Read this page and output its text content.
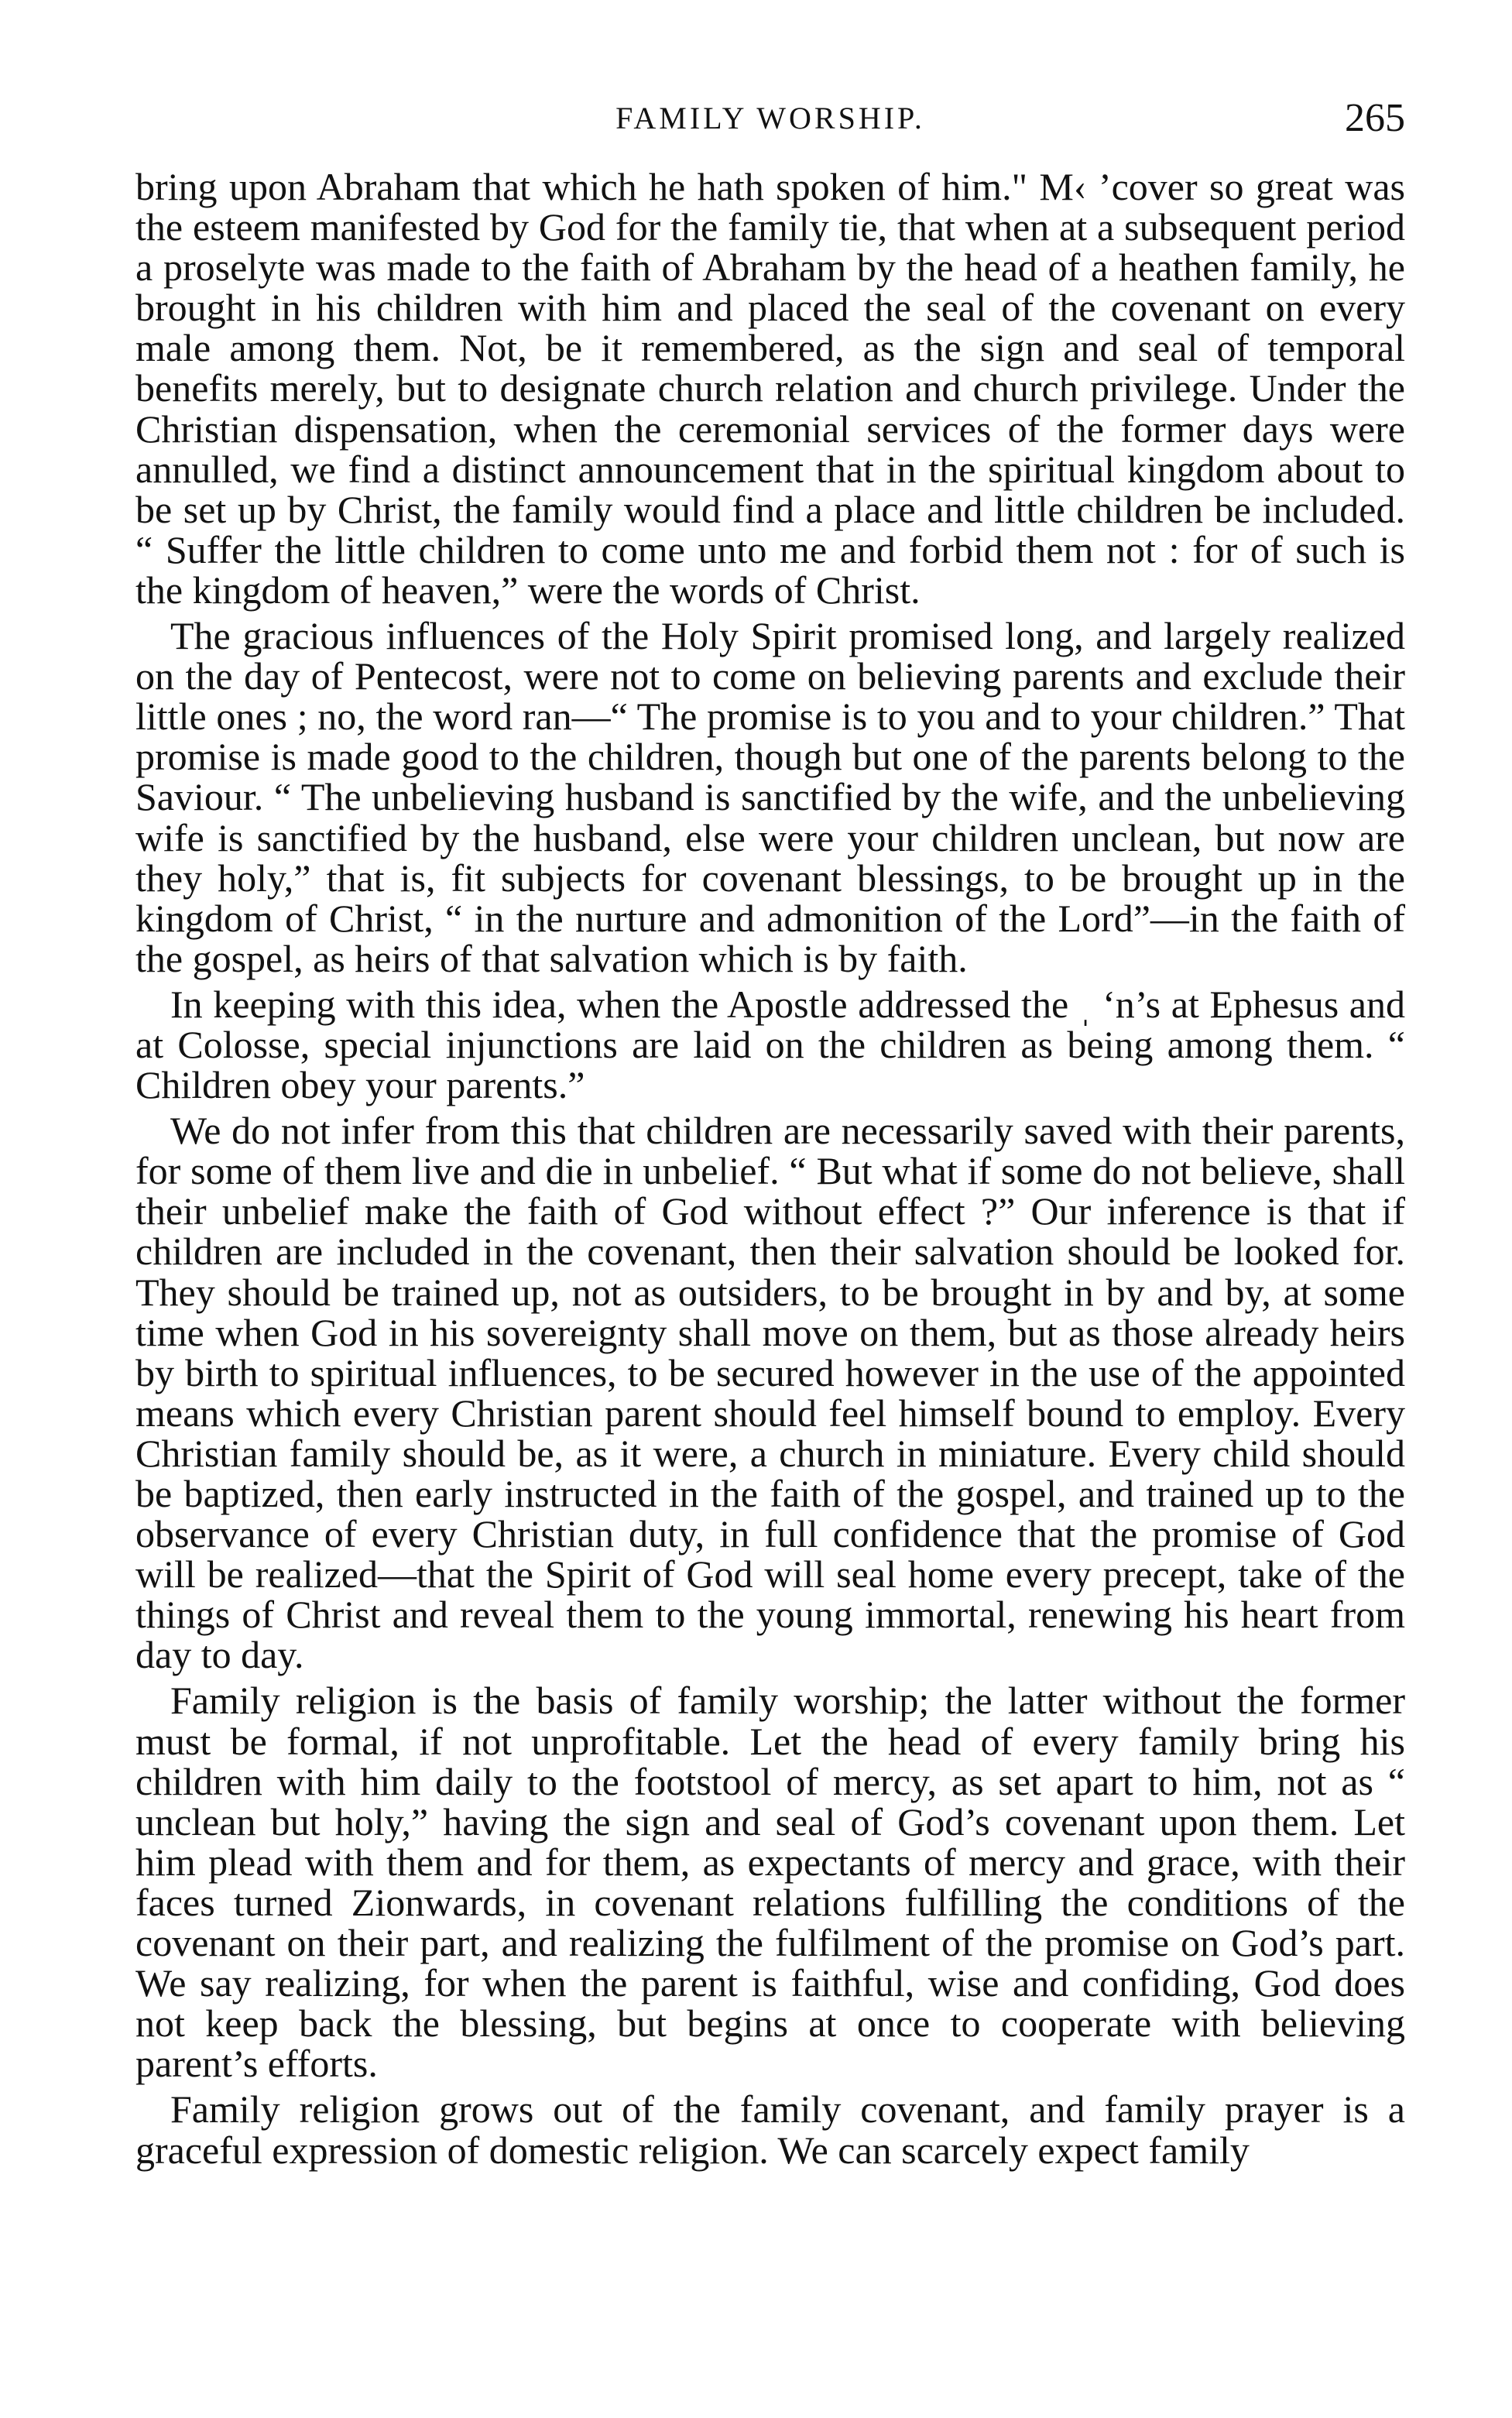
FAMILY WORSHIP.	265

bring upon Abraham that which he hath spoken of him." M‹ ’cover so great was the esteem manifested by God for the family tie, that when at a subsequent period a proselyte was made to the faith of Abraham by the head of a heathen family, he brought in his children with him and placed the seal of the covenant on every male among them. Not, be it remembered, as the sign and seal of temporal benefits merely, but to designate church relation and church privilege. Under the Christian dispensation, when the ceremonial services of the former days were annulled, we find a distinct announcement that in the spiritual kingdom about to be set up by Christ, the family would find a place and little children be included. “ Suffer the little children to come unto me and forbid them not : for of such is the kingdom of heaven,” were the words of Christ.

The gracious influences of the Holy Spirit promised long, and largely realized on the day of Pentecost, were not to come on believing parents and exclude their little ones ; no, the word ran—“ The promise is to you and to your children.” That promise is made good to the children, though but one of the parents belong to the Saviour. “ The unbelieving husband is sanctified by the wife, and the unbelieving wife is sanctified by the husband, else were your children unclean, but now are they holy,” that is, fit subjects for covenant blessings, to be brought up in the kingdom of Christ, “ in the nurture and admonition of the Lord”—in the faith of the gospel, as heirs of that salvation which is by faith.

In keeping with this idea, when the Apostle addressed the ˌ ‘n’s at Ephesus and at Colosse, special injunctions are laid on the children as being among them. “ Children obey your parents.”

We do not infer from this that children are necessarily saved with their parents, for some of them live and die in unbelief. “ But what if some do not believe, shall their unbelief make the faith of God without effect ?” Our inference is that if children are included in the covenant, then their salvation should be looked for. They should be trained up, not as outsiders, to be brought in by and by, at some time when God in his sovereignty shall move on them, but as those already heirs by birth to spiritual influences, to be secured however in the use of the appointed means which every Christian parent should feel himself bound to employ. Every Christian family should be, as it were, a church in miniature. Every child should be baptized, then early instructed in the faith of the gospel, and trained up to the observance of every Christian duty, in full confidence that the promise of God will be realized—that the Spirit of God will seal home every precept, take of the things of Christ and reveal them to the young immortal, renewing his heart from day to day.

Family religion is the basis of family worship; the latter without the former must be formal, if not unprofitable. Let the head of every family bring his children with him daily to the footstool of mercy, as set apart to him, not as “ unclean but holy,” having the sign and seal of God’s covenant upon them. Let him plead with them and for them, as expectants of mercy and grace, with their faces turned Zionwards, in covenant relations fulfilling the conditions of the covenant on their part, and realizing the fulfilment of the promise on God’s part. We say realizing, for when the parent is faithful, wise and confiding, God does not keep back the blessing, but begins at once to cooperate with believing parent’s efforts.

Family religion grows out of the family covenant, and family prayer is a graceful expression of domestic religion. We can scarcely expect family
